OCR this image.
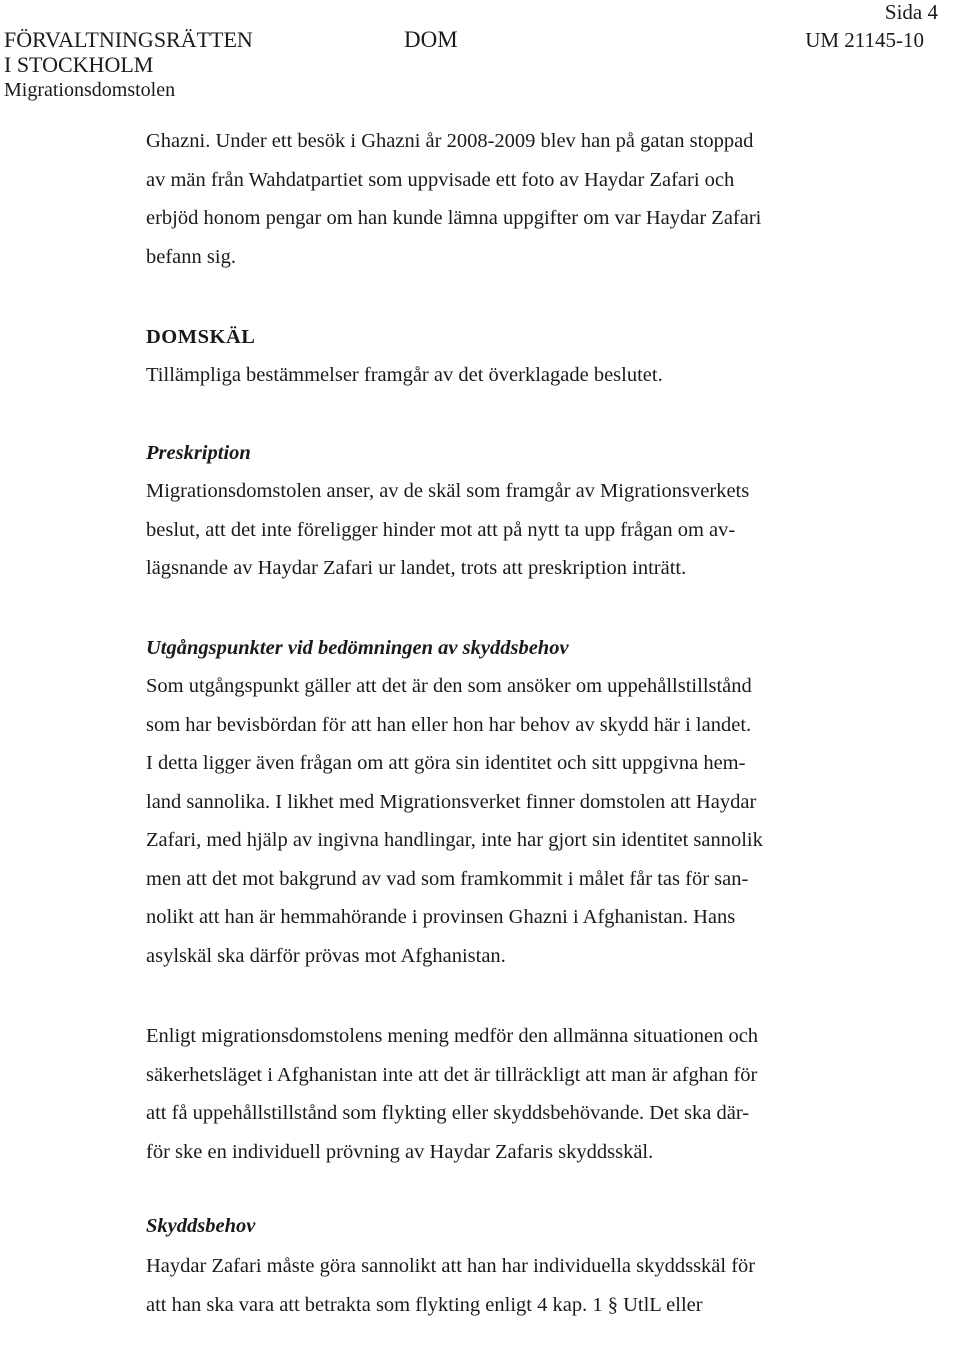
FÖRVALTNINGSRÄTTEN
I STOCKHOLM
Migrationsdomstolen
DOM
Sida 4
UM 21145-10

Ghazni. Under ett besök i Ghazni år 2008-2009 blev han på gatan stoppad
av män från Wahdatpartiet som uppvisade ett foto av Haydar Zafari och
erbjöd honom pengar om han kunde lämna uppgifter om var Haydar Zafari
befann sig.

DOMSKÄL

Tillämpliga bestämmelser framgår av det överklagade beslutet.

Preskription

Migrationsdomstolen anser, av de skäl som framgår av Migrationsverkets
beslut, att det inte föreligger hinder mot att på nytt ta upp frågan om av-
lägsnande av Haydar Zafari ur landet, trots att preskription inträtt.

Utgångspunkter vid bedömningen av skyddsbehov

Som utgångspunkt gäller att det är den som ansöker om uppehållstillstånd
som har bevisbördan för att han eller hon har behov av skydd här i landet.
I detta ligger även frågan om att göra sin identitet och sitt uppgivna hem-
land sannolika. I likhet med Migrationsverket finner domstolen att Haydar
Zafari, med hjälp av ingivna handlingar, inte har gjort sin identitet sannolik
men att det mot bakgrund av vad som framkommit i målet får tas för san-
nolikt att han är hemmahörande i provinsen Ghazni i Afghanistan. Hans
asylskäl ska därför prövas mot Afghanistan.

Enligt migrationsdomstolens mening medför den allmänna situationen och
säkerhetsläget i Afghanistan inte att det är tillräckligt att man är afghan för
att få uppehållstillstånd som flykting eller skyddsbehövande. Det ska där-
för ske en individuell prövning av Haydar Zafaris skyddsskäl.

Skyddsbehov

Haydar Zafari måste göra sannolikt att han har individuella skyddsskäl för
att han ska vara att betrakta som flykting enligt 4 kap. 1 § UtlL eller
